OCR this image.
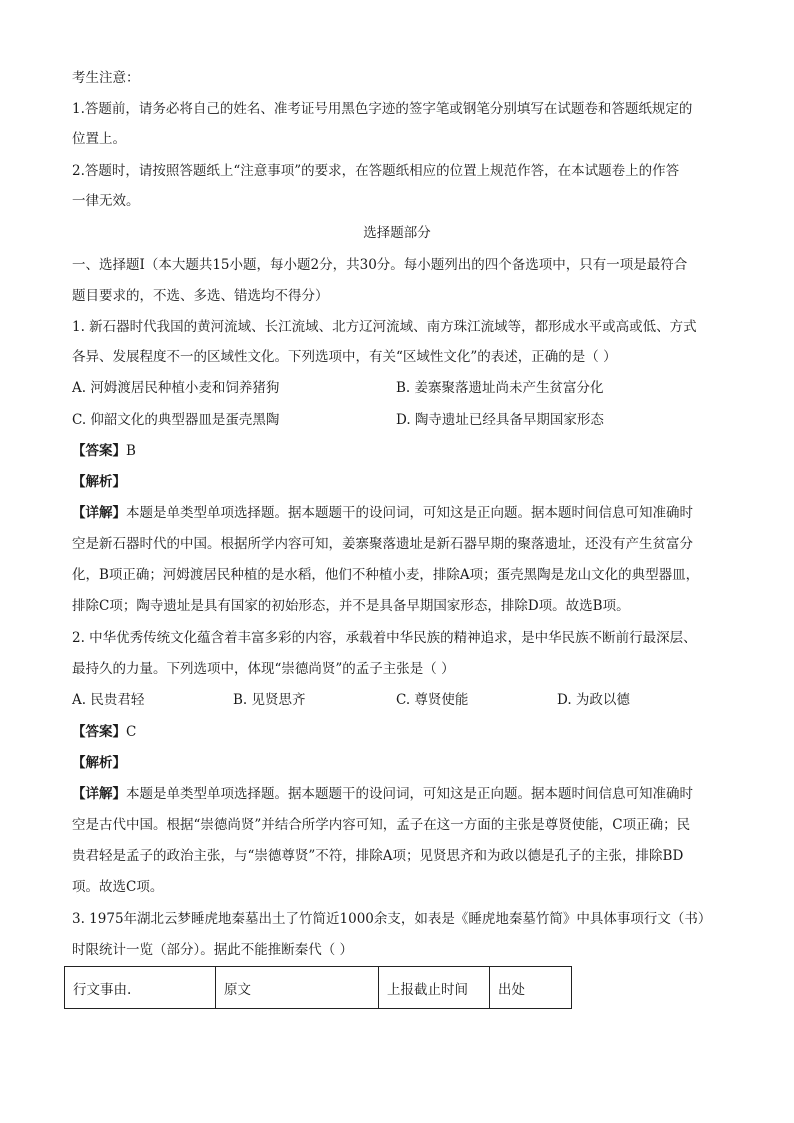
考生注意：
1.答题前，请务必将自己的姓名、准考证号用黑色字迹的签字笔或钢笔分别填写在试题卷和答题纸规定的
位置上。
2.答题时，请按照答题纸上“注意事项”的要求，在答题纸相应的位置上规范作答，在本试题卷上的作答
一律无效。
选择题部分
一、选择题Ⅰ（本大题共15小题，每小题2分，共30分。每小题列出的四个备选项中，只有一项是最符合
题目要求的，不选、多选、错选均不得分）
1. 新石器时代我国的黄河流域、长江流域、北方辽河流域、南方珠江流域等，都形成水平或高或低、方式
各异、发展程度不一的区域性文化。下列选项中，有关“区域性文化”的表述，正确的是（ ）
A. 河姆渡居民种植小麦和饲养猪狗	B. 姜寨聚落遗址尚未产生贫富分化
C. 仰韶文化的典型器皿是蛋壳黑陶	D. 陶寺遗址已经具备早期国家形态
【答案】B
【解析】
【详解】本题是单类型单项选择题。据本题题干的设问词，可知这是正向题。据本题时间信息可知准确时
空是新石器时代的中国。根据所学内容可知，姜寨聚落遗址是新石器早期的聚落遗址，还没有产生贫富分
化，B项正确；河姆渡居民种植的是水稻，他们不种植小麦，排除A项；蛋壳黑陶是龙山文化的典型器皿，
排除C项；陶寺遗址是具有国家的初始形态，并不是具备早期国家形态，排除D项。故选B项。
2. 中华优秀传统文化蕴含着丰富多彩的内容，承载着中华民族的精神追求，是中华民族不断前行最深层、
最持久的力量。下列选项中，体现“崇德尚贤”的孟子主张是（ ）
A. 民贵君轻	B. 见贤思齐	C. 尊贤使能	D. 为政以德
【答案】C
【解析】
【详解】本题是单类型单项选择题。据本题题干的设问词，可知这是正向题。据本题时间信息可知准确时
空是古代中国。根据“崇德尚贤”并结合所学内容可知，孟子在这一方面的主张是尊贤使能，C项正确；民
贵君轻是孟子的政治主张，与“崇德尊贤”不符，排除A项；见贤思齐和为政以德是孔子的主张，排除BD
项。故选C项。
3. 1975年湖北云梦睡虎地秦墓出土了竹简近1000余支，如表是《睡虎地秦墓竹简》中具体事项行文（书）
时限统计一览（部分）。据此不能推断秦代（ ）
行文事由.	原文	上报截止时间	出处
